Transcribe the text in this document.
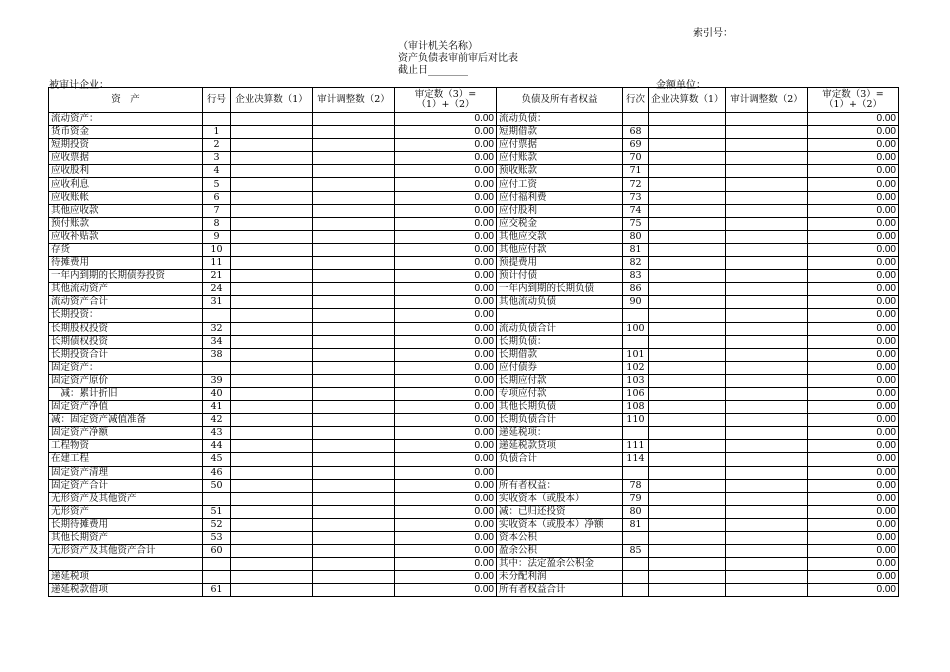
索引号：
（审计机关名称）
资产负债表审前审后对比表
截止日________
被审计企业：	金额单位：
资　产	行号	企业决算数（1）	审计调整数（2）	审定数（3）=（1）+（2）	负债及所有者权益	行次	企业决算数（1）	审计调整数（2）	审定数（3）=（1）+（2）
流动资产：				0.00	流动负债：				0.00
货币资金	1			0.00	短期借款	68			0.00
短期投资	2			0.00	应付票据	69			0.00
应收票据	3			0.00	应付账款	70			0.00
应收股利	4			0.00	预收账款	71			0.00
应收利息	5			0.00	应付工资	72			0.00
应收账帐	6			0.00	应付福利费	73			0.00
其他应收款	7			0.00	应付股利	74			0.00
预付账款	8			0.00	应交税金	75			0.00
应收补贴款	9			0.00	其他应交款	80			0.00
存货	10			0.00	其他应付款	81			0.00
待摊费用	11			0.00	预提费用	82			0.00
一年内到期的长期债券投资	21			0.00	预计付债	83			0.00
其他流动资产	24			0.00	一年内到期的长期负债	86			0.00
流动资产合计	31			0.00	其他流动负债	90			0.00
长期投资：				0.00					0.00
长期股权投资	32			0.00	流动负债合计	100			0.00
长期债权投资	34			0.00	长期负债：				0.00
长期投资合计	38			0.00	长期借款	101			0.00
固定资产：				0.00	应付债券	102			0.00
固定资产原价	39			0.00	长期应付款	103			0.00
　减：累计折旧	40			0.00	专项应付款	106			0.00
固定资产净值	41			0.00	其他长期负债	108			0.00
减：固定资产减值准备	42			0.00	长期负债合计	110			0.00
固定资产净额	43			0.00	递延税项：				0.00
工程物资	44			0.00	递延税款贷项	111			0.00
在建工程	45			0.00	负债合计	114			0.00
固定资产清理	46			0.00					0.00
固定资产合计	50			0.00	所有者权益：	78			0.00
无形资产及其他资产				0.00	实收资本（或股本）	79			0.00
无形资产	51			0.00	减：已归还投资	80			0.00
长期待摊费用	52			0.00	实收资本（或股本）净额	81			0.00
其他长期资产	53			0.00	资本公积				0.00
无形资产及其他资产合计	60			0.00	盈余公积	85			0.00
				0.00	其中：法定盈余公积金				0.00
递延税项				0.00	未分配利润				0.00
递延税款借项	61			0.00	所有者权益合计				0.00
